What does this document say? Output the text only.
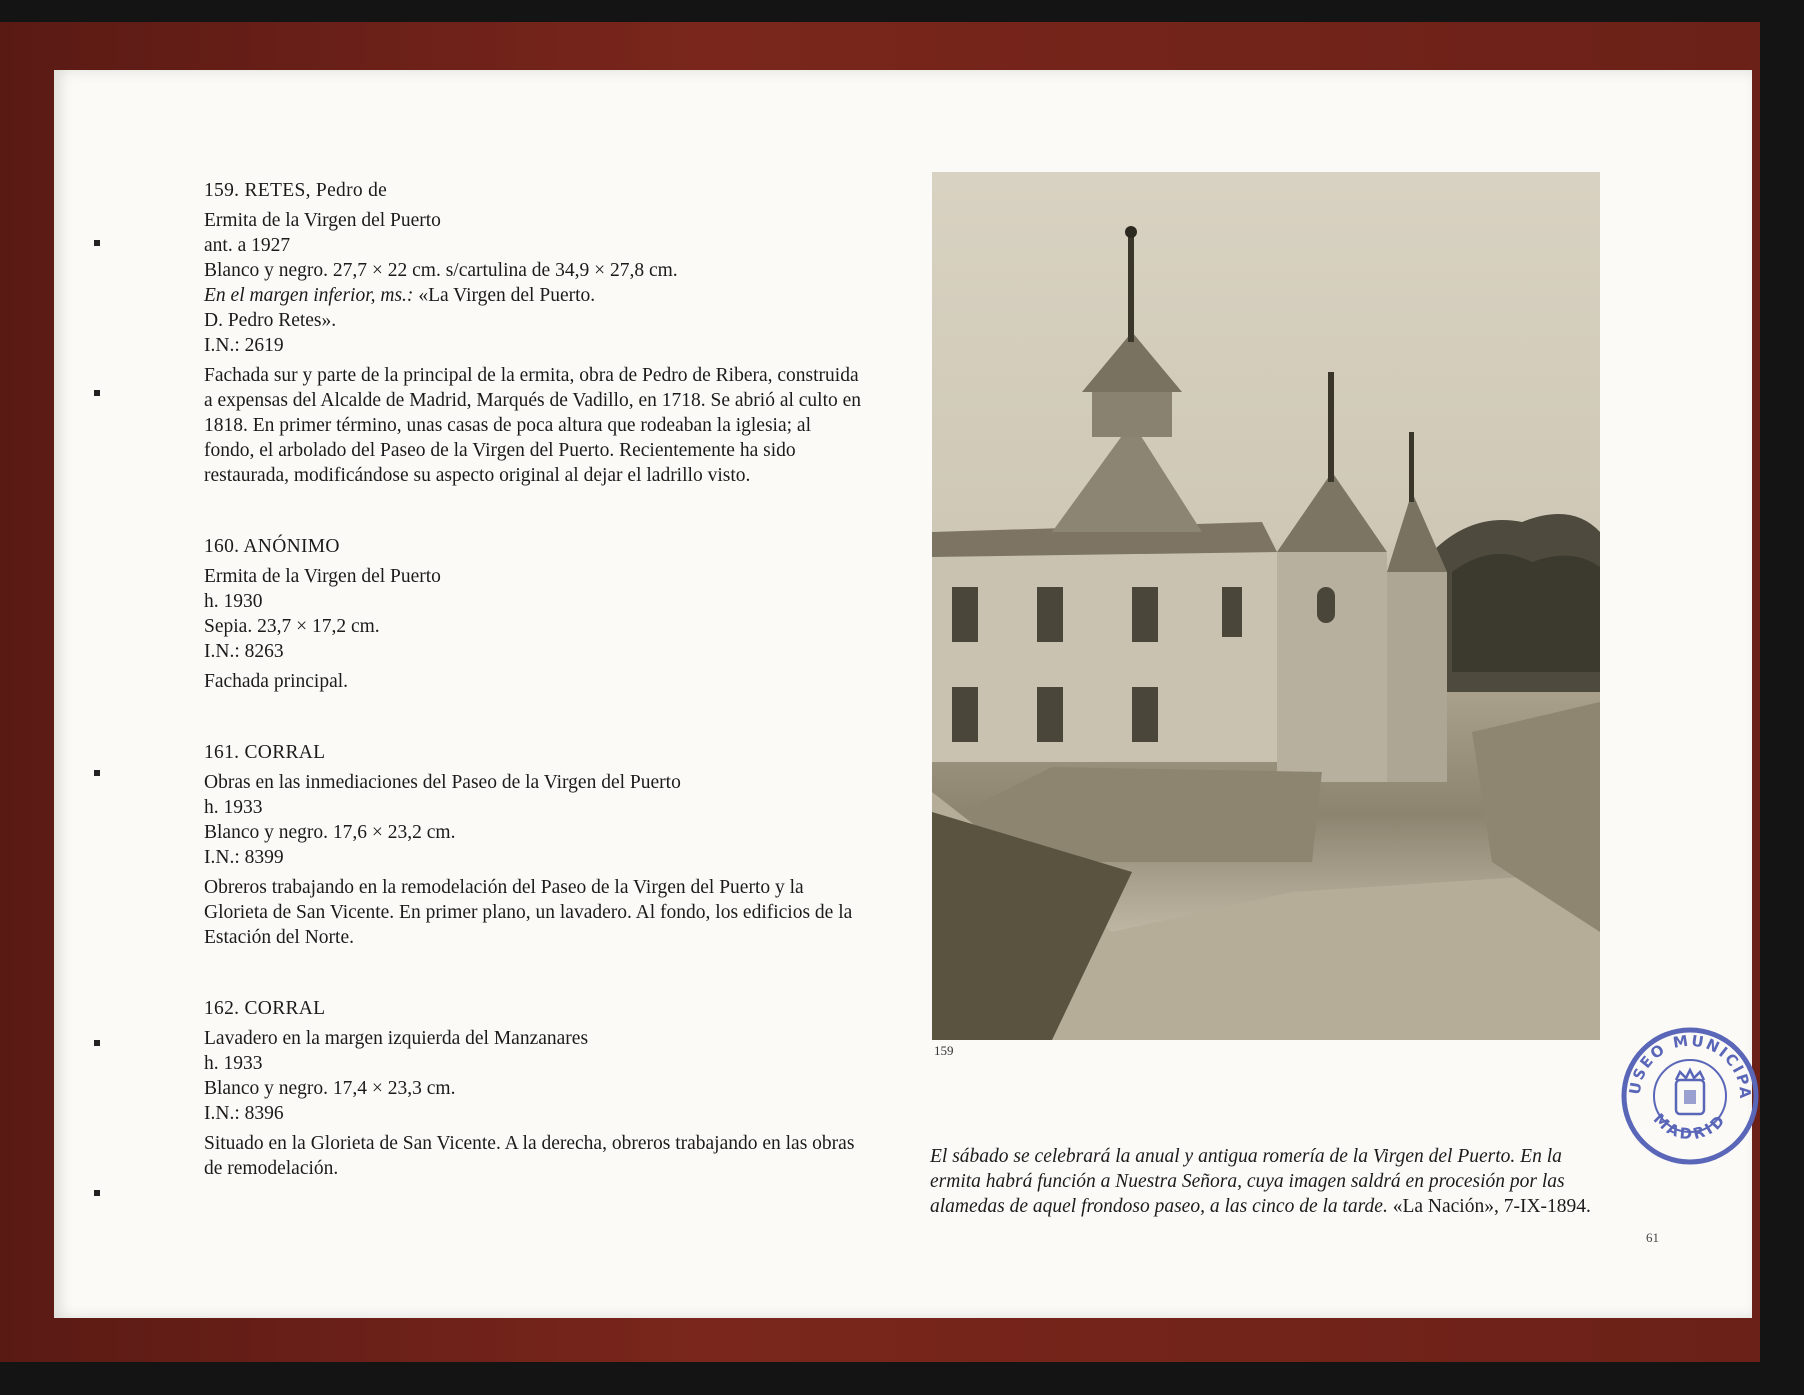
159. RETES, Pedro de
Ermita de la Virgen del Puerto
ant. a 1927
Blanco y negro. 27,7 × 22 cm. s/cartulina de 34,9 × 27,8 cm.
En el margen inferior, ms.: «La Virgen del Puerto.
D. Pedro Retes».
I.N.: 2619
Fachada sur y parte de la principal de la ermita, obra de Pedro de Ribera, construida a expensas del Alcalde de Madrid, Marqués de Vadillo, en 1718. Se abrió al culto en 1818. En primer término, unas casas de poca altura que rodeaban la iglesia; al fondo, el arbolado del Paseo de la Virgen del Puerto. Recientemente ha sido restaurada, modificándose su aspecto original al dejar el ladrillo visto.
160. ANÓNIMO
Ermita de la Virgen del Puerto
h. 1930
Sepia. 23,7 × 17,2 cm.
I.N.: 8263
Fachada principal.
161. CORRAL
Obras en las inmediaciones del Paseo de la Virgen del Puerto
h. 1933
Blanco y negro. 17,6 × 23,2 cm.
I.N.: 8399
Obreros trabajando en la remodelación del Paseo de la Virgen del Puerto y la Glorieta de San Vicente. En primer plano, un lavadero. Al fondo, los edificios de la Estación del Norte.
162. CORRAL
Lavadero en la margen izquierda del Manzanares
h. 1933
Blanco y negro. 17,4 × 23,3 cm.
I.N.: 8396
Situado en la Glorieta de San Vicente. A la derecha, obreros trabajando en las obras de remodelación.
159
El sábado se celebrará la anual y antigua romería de la Virgen del Puerto. En la ermita habrá función a Nuestra Señora, cuya imagen saldrá en procesión por las alamedas de aquel frondoso paseo, a las cinco de la tarde. «La Nación», 7-IX-1894.
61
USEO MUNICIPA
MADRID
